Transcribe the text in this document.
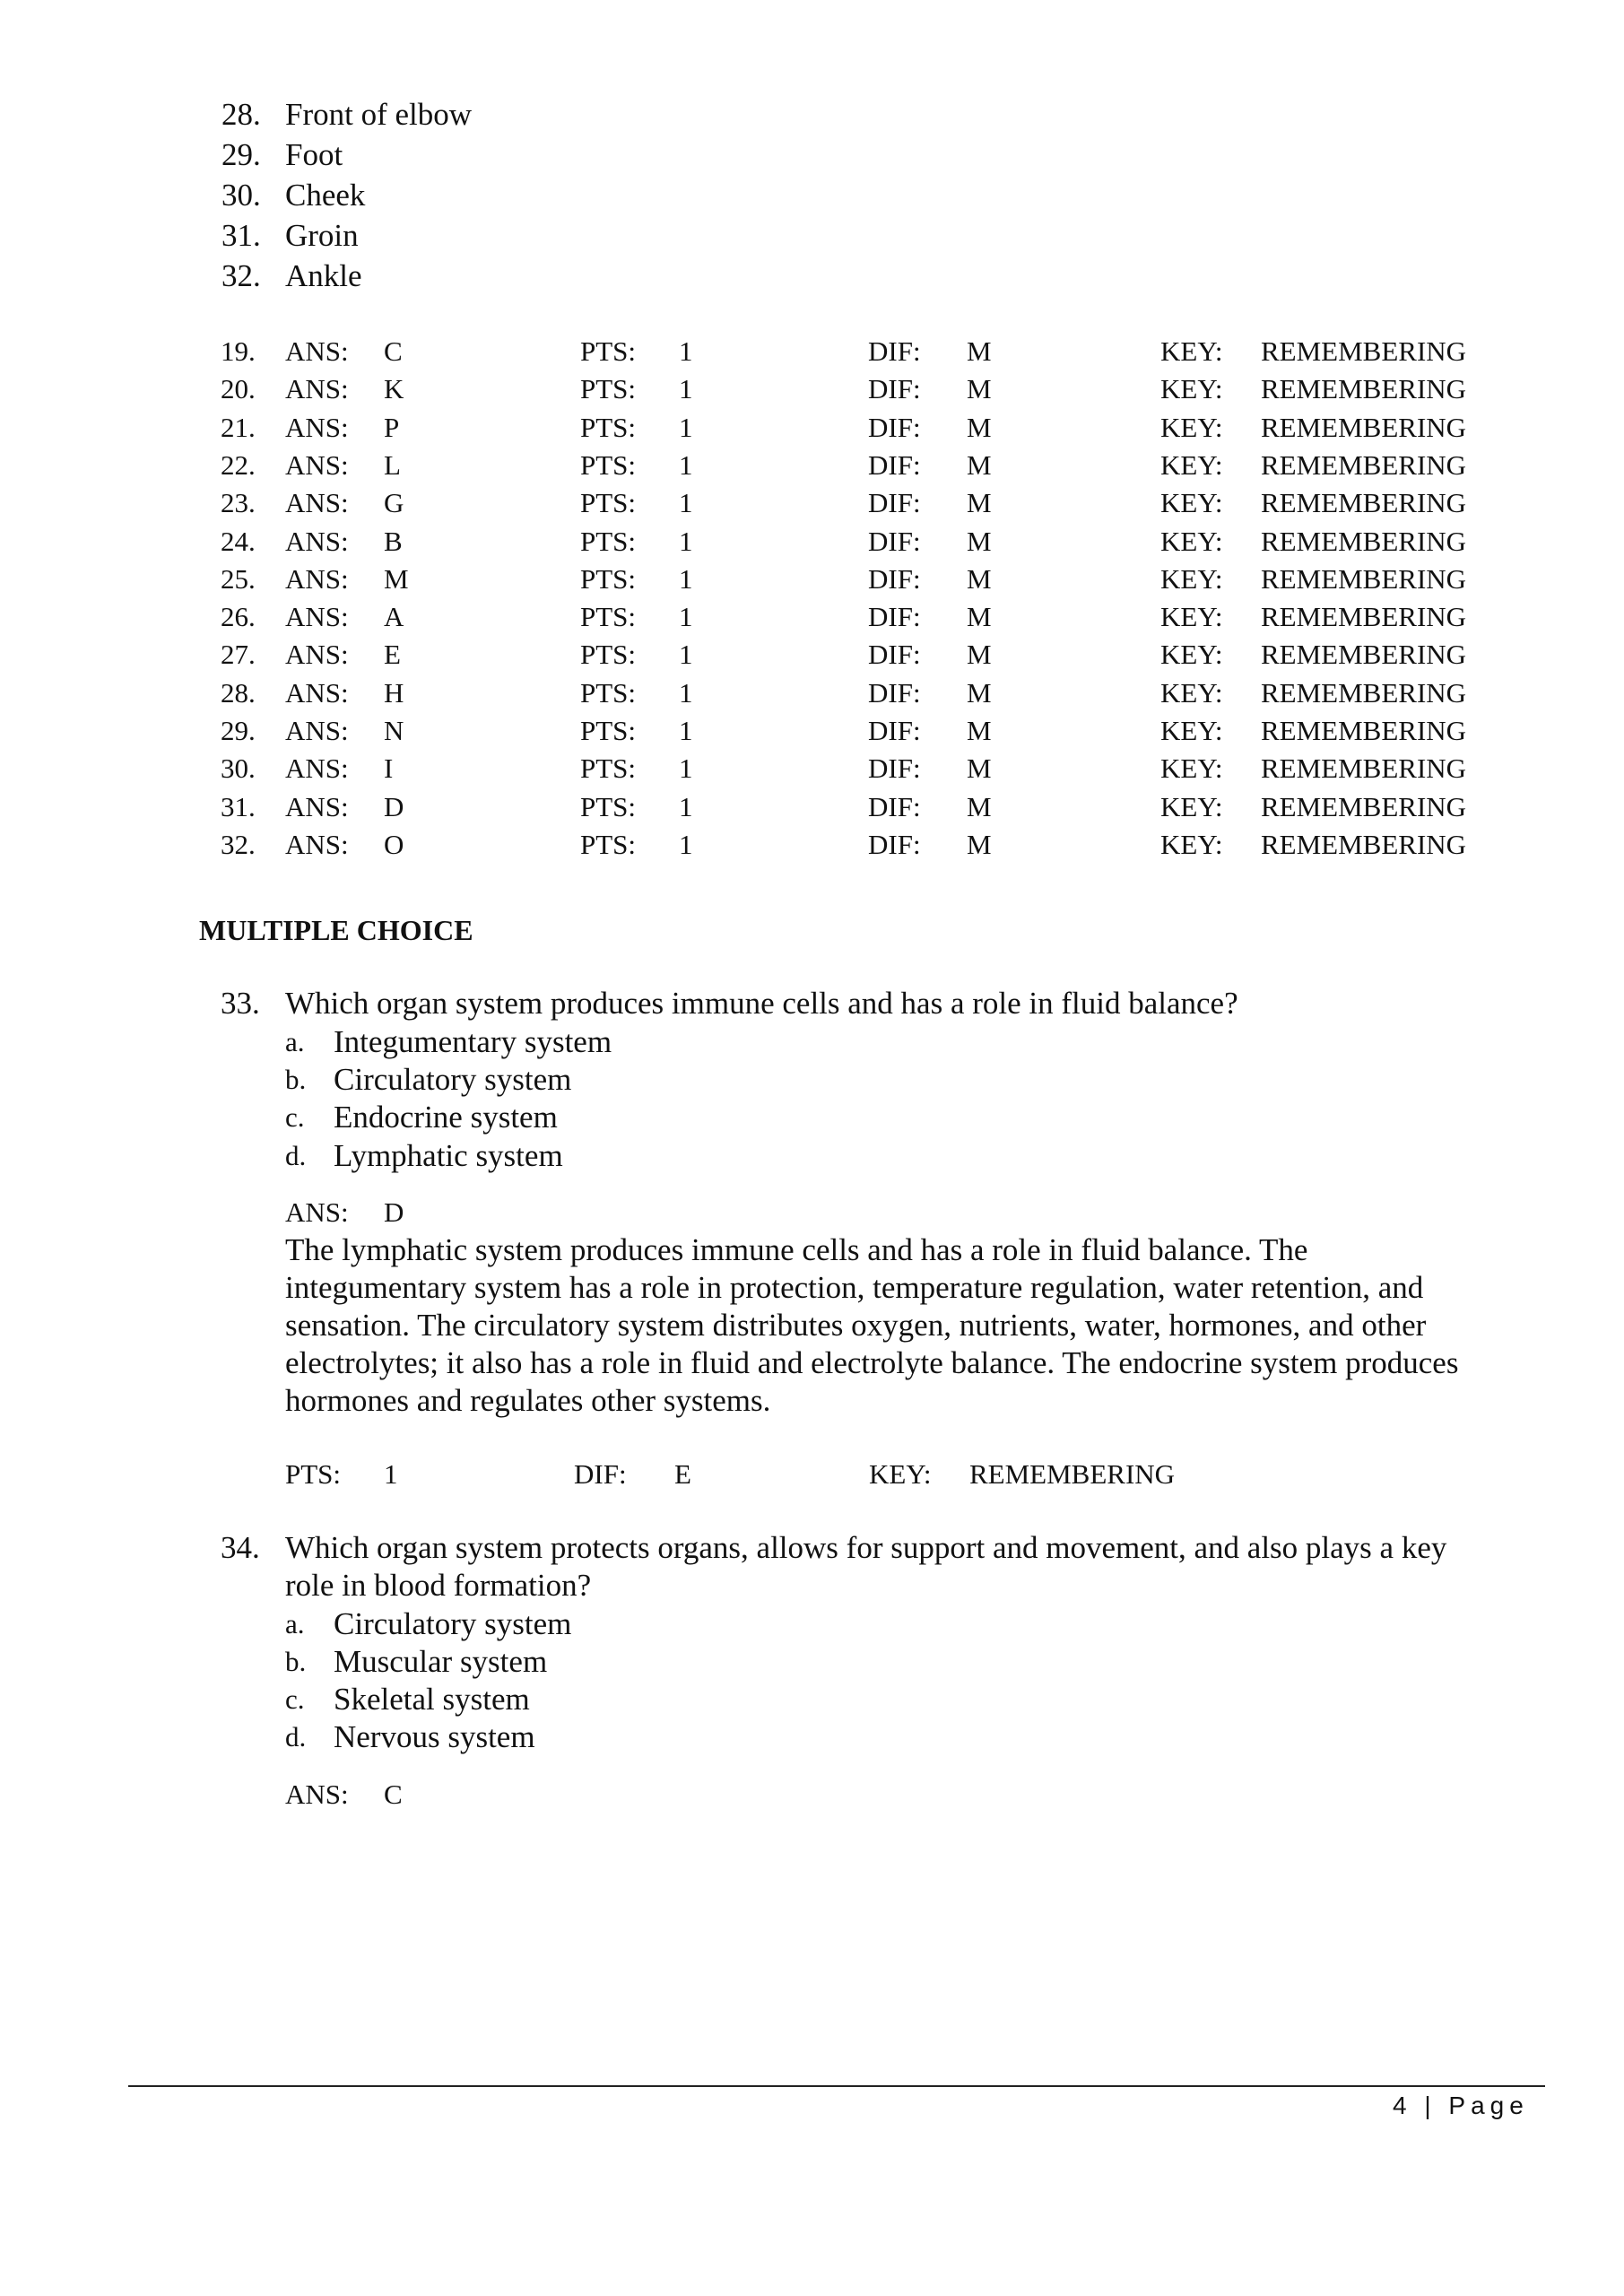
28. Front of elbow
29. Foot
30. Cheek
31. Groin
32. Ankle
19. ANS: C	PTS: 1	DIF: M	KEY: REMEMBERING
20. ANS: K	PTS: 1	DIF: M	KEY: REMEMBERING
21. ANS: P	PTS: 1	DIF: M	KEY: REMEMBERING
22. ANS: L	PTS: 1	DIF: M	KEY: REMEMBERING
23. ANS: G	PTS: 1	DIF: M	KEY: REMEMBERING
24. ANS: B	PTS: 1	DIF: M	KEY: REMEMBERING
25. ANS: M	PTS: 1	DIF: M	KEY: REMEMBERING
26. ANS: A	PTS: 1	DIF: M	KEY: REMEMBERING
27. ANS: E	PTS: 1	DIF: M	KEY: REMEMBERING
28. ANS: H	PTS: 1	DIF: M	KEY: REMEMBERING
29. ANS: N	PTS: 1	DIF: M	KEY: REMEMBERING
30. ANS: I	PTS: 1	DIF: M	KEY: REMEMBERING
31. ANS: D	PTS: 1	DIF: M	KEY: REMEMBERING
32. ANS: O	PTS: 1	DIF: M	KEY: REMEMBERING
MULTIPLE CHOICE
33. Which organ system produces immune cells and has a role in fluid balance?
a. Integumentary system
b. Circulatory system
c. Endocrine system
d. Lymphatic system
ANS: D
The lymphatic system produces immune cells and has a role in fluid balance. The
integumentary system has a role in protection, temperature regulation, water retention, and
sensation. The circulatory system distributes oxygen, nutrients, water, hormones, and other
electrolytes; it also has a role in fluid and electrolyte balance. The endocrine system produces
hormones and regulates other systems.
PTS: 1	DIF: E	KEY: REMEMBERING
34. Which organ system protects organs, allows for support and movement, and also plays a key
role in blood formation?
a. Circulatory system
b. Muscular system
c. Skeletal system
d. Nervous system
ANS: C
4 | Page
